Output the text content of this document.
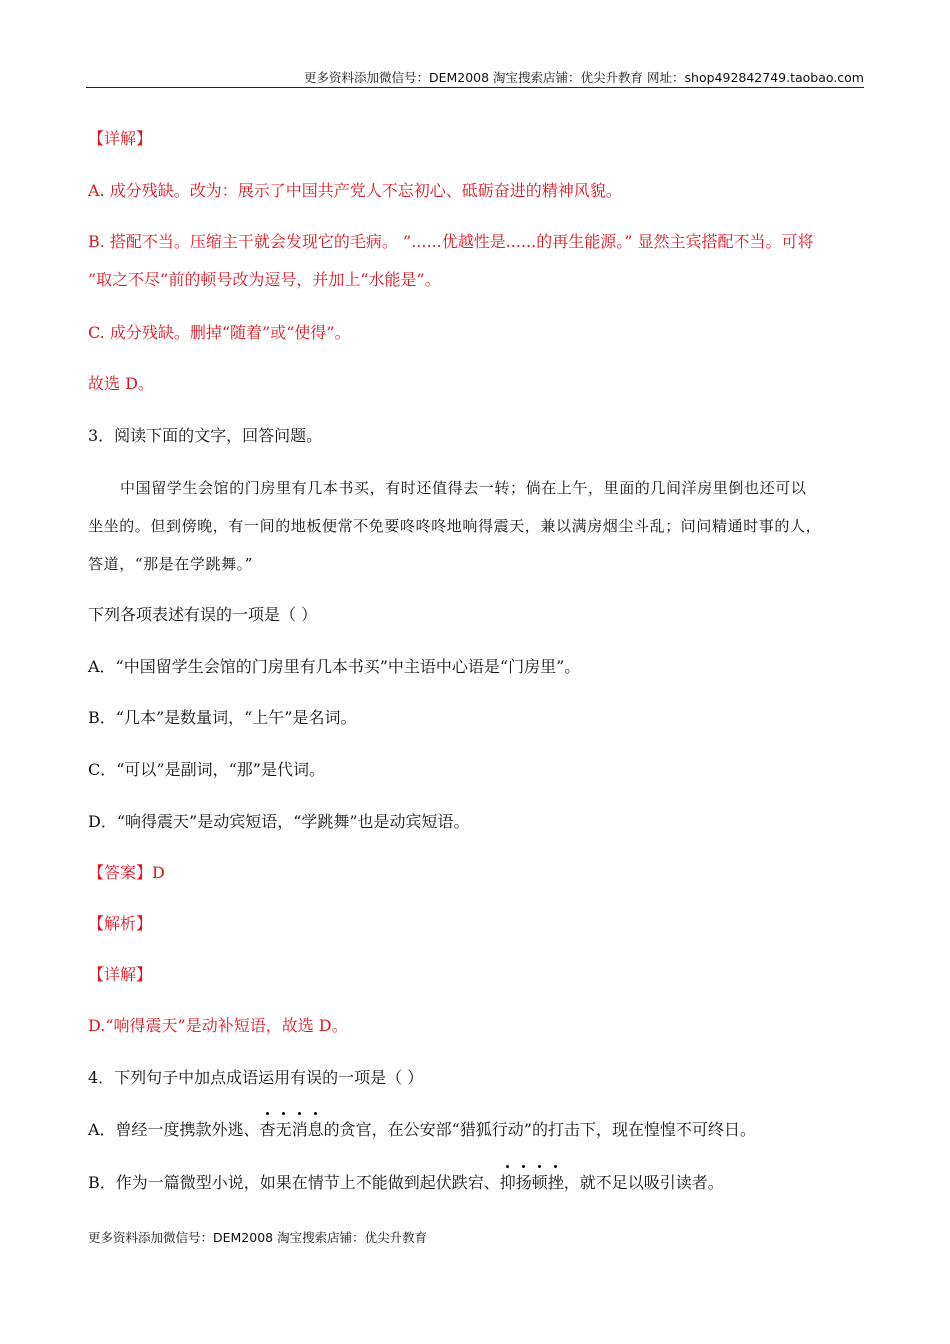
更多资料添加微信号：DEM2008 淘宝搜索店铺：优尖升教育 网址：shop492842749.taobao.com
【详解】
A. 成分残缺。改为：展示了中国共产党人不忘初心、砥砺奋进的精神风貌。
B. 搭配不当。压缩主干就会发现它的毛病。 ”......优越性是......的再生能源。” 显然主宾搭配不当。可将
”取之不尽”前的顿号改为逗号，并加上“水能是”。
C. 成分残缺。删掉“随着”或“使得”。
故选 D。
3．阅读下面的文字，回答问题。
中国留学生会馆的门房里有几本书买，有时还值得去一转；倘在上午，里面的几间洋房里倒也还可以
坐坐的。但到傍晚，有一间的地板便常不免要咚咚咚地响得震天，兼以满房烟尘斗乱；问问精通时事的人，
答道，“那是在学跳舞。”
下列各项表述有误的一项是（ ）
A．“中国留学生会馆的门房里有几本书买”中主语中心语是“门房里”。
B．“几本”是数量词，“上午”是名词。
C．“可以”是副词，“那”是代词。
D．“响得震天”是动宾短语，“学跳舞”也是动宾短语。
【答案】D
【解析】
【详解】
D.“响得震天”是动补短语，故选 D。
4．下列句子中加点成语运用有误的一项是（ ）
A．曾经一度携款外逃、
杳无消息的贪官，在公安部“猎狐行动”的打击下，现在惶惶不可终日。
B．作为一篇微型小说，如果在情节上不能做到起伏跌宕、
抑扬顿挫，就不足以吸引读者。
更多资料添加微信号：DEM2008 淘宝搜索店铺：优尖升教育
